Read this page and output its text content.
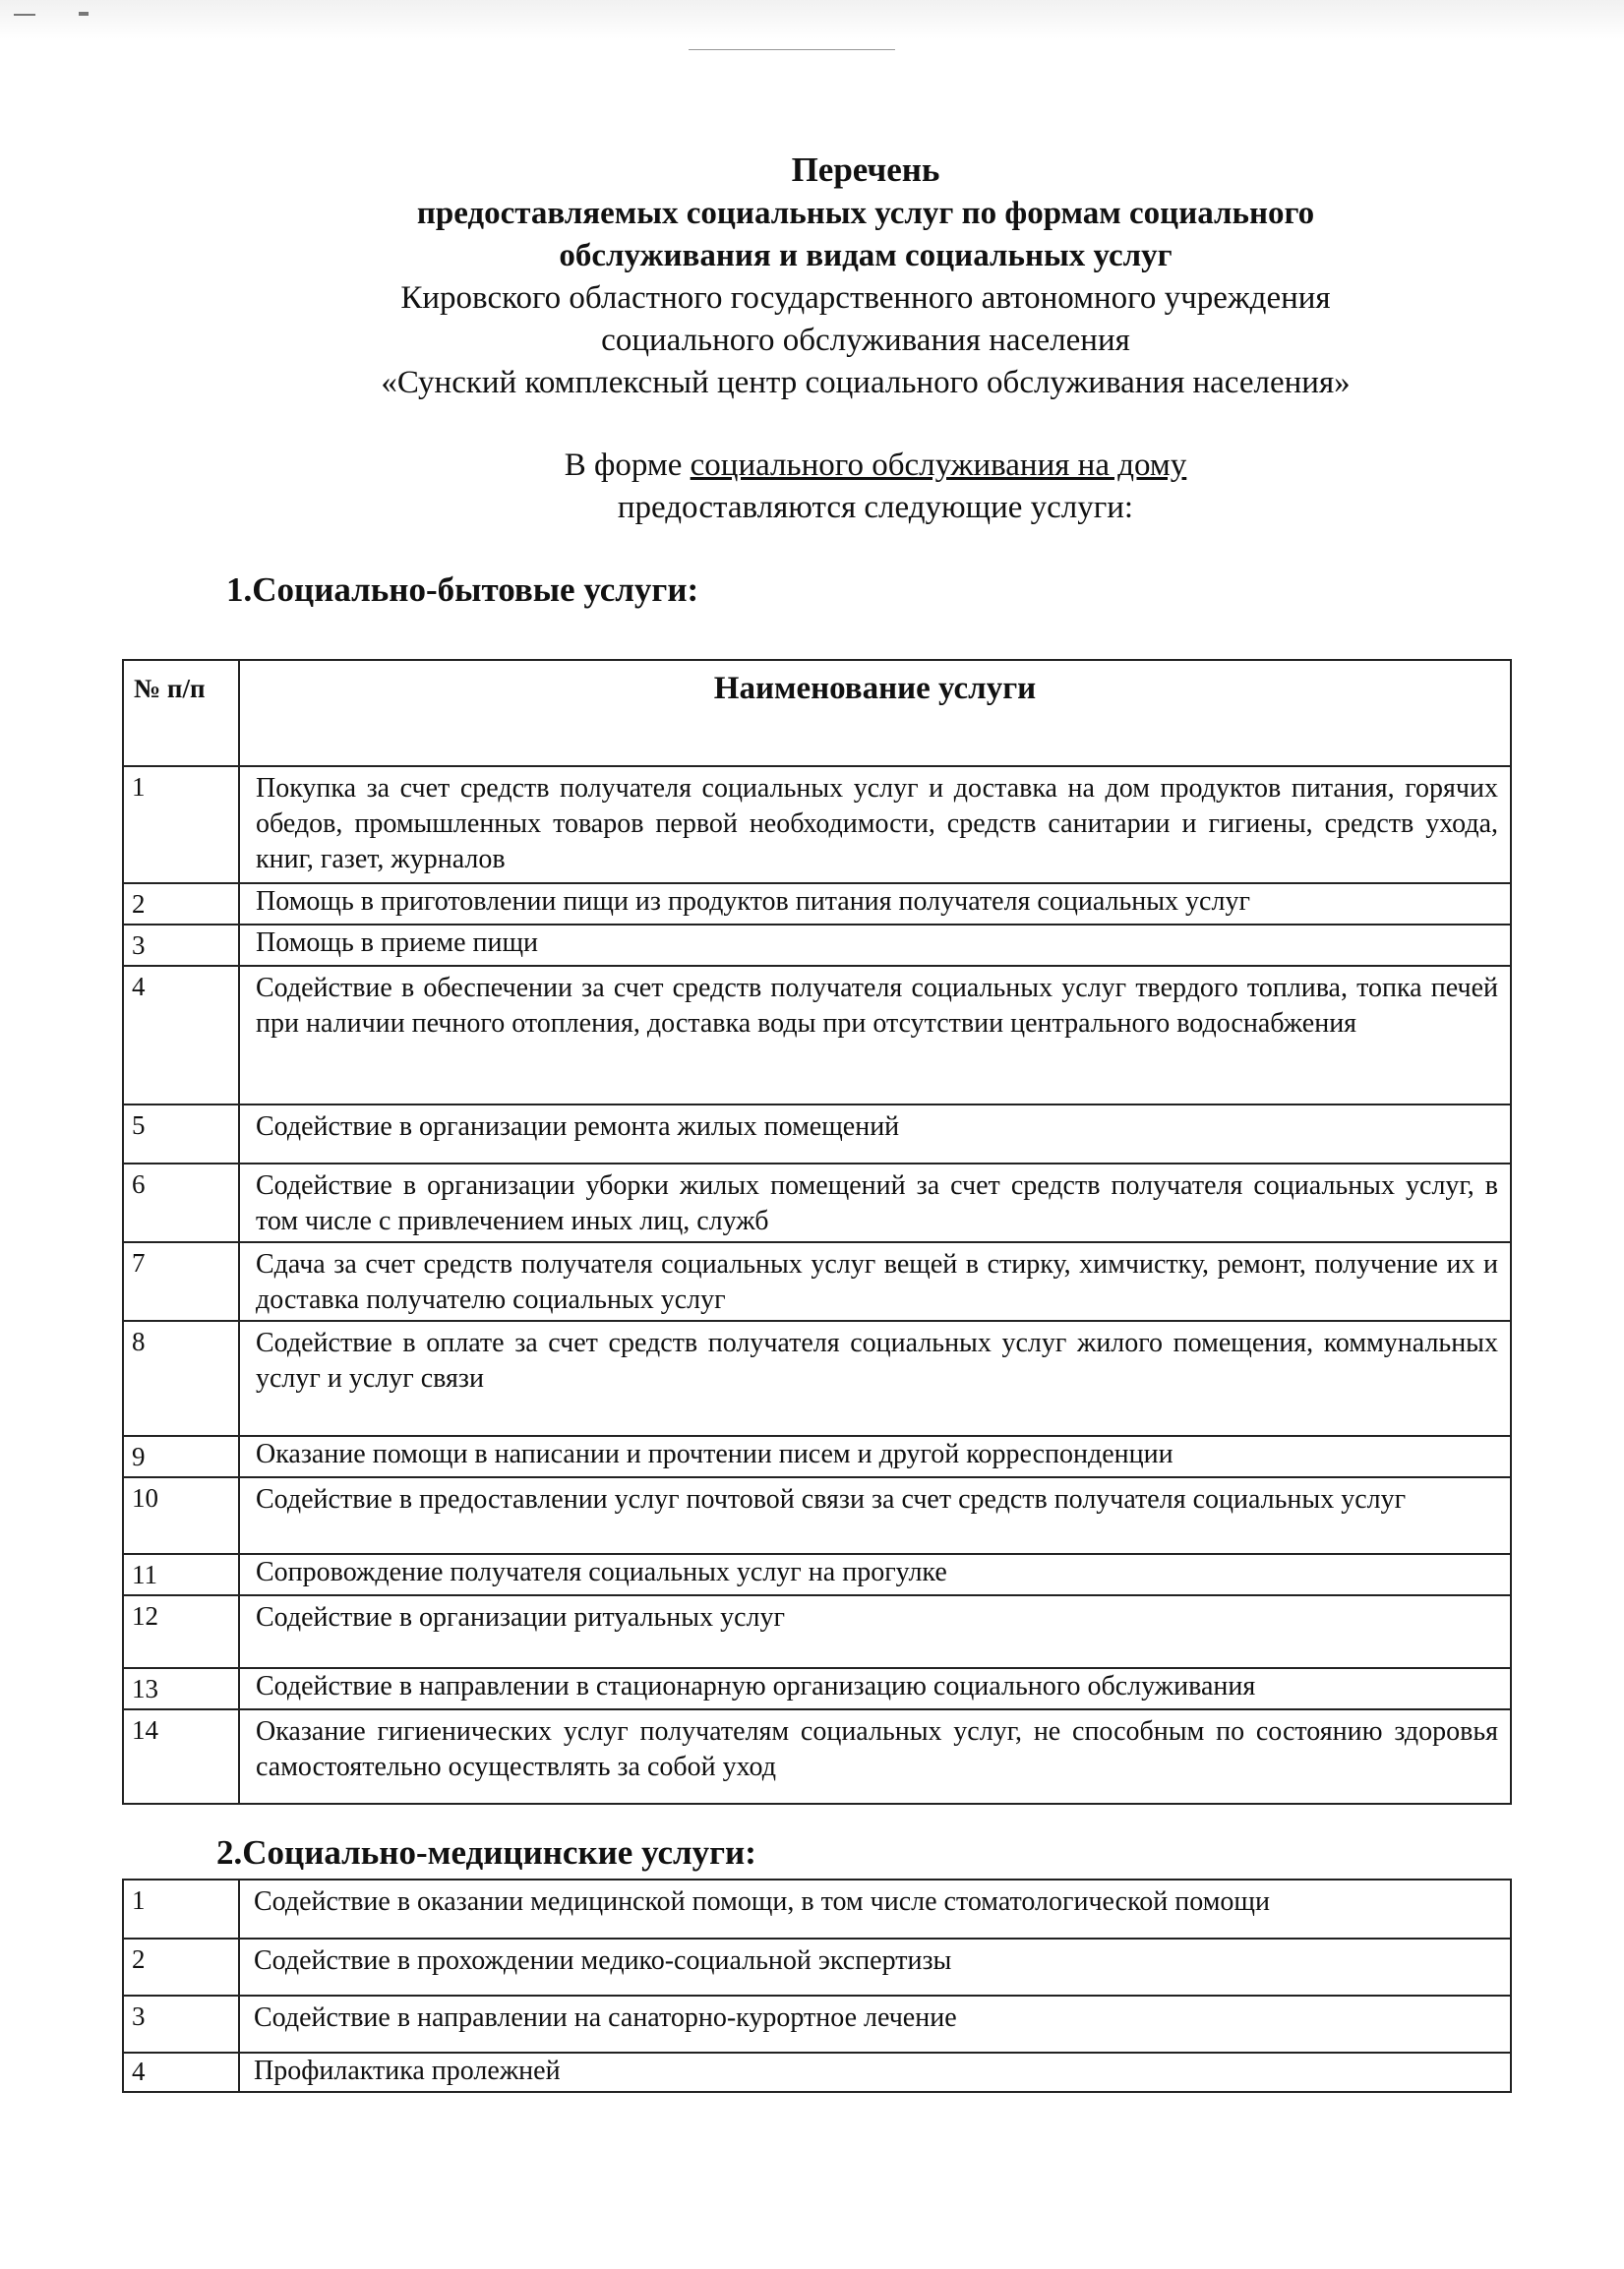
Перечень
предоставляемых социальных услуг по формам социального
обслуживания и видам социальных услуг
Кировского областного государственного автономного учреждения
социального обслуживания населения
«Сунский комплексный центр социального обслуживания населения»
В форме социального обслуживания на дому
предоставляются следующие услуги:
1.Социально-бытовые услуги:
№ п/п	Наименование услуги
1	Покупка за счет средств получателя социальных услуг и доставка на дом продуктов питания, горячих обедов, промышленных товаров первой необходимости, средств санитарии и гигиены, средств ухода, книг, газет, журналов
2	Помощь в приготовлении пищи из продуктов питания получателя социальных услуг
3	Помощь в приеме пищи
4	Содействие в обеспечении за счет средств получателя социальных услуг твердого топлива, топка печей при наличии печного отопления, доставка воды при отсутствии центрального водоснабжения
5	Содействие в организации ремонта жилых помещений
6	Содействие в организации уборки жилых помещений за счет средств получателя социальных услуг, в том числе с привлечением иных лиц, служб
7	Сдача за счет средств получателя социальных услуг вещей в стирку, химчистку, ремонт, получение их и доставка получателю социальных услуг
8	Содействие в оплате за счет средств получателя социальных услуг жилого помещения, коммунальных услуг и услуг связи
9	Оказание помощи в написании и прочтении писем и другой корреспонденции
10	Содействие в предоставлении услуг почтовой связи за счет средств получателя социальных услуг
11	Сопровождение получателя социальных услуг на прогулке
12	Содействие в организации ритуальных услуг
13	Содействие в направлении в стационарную организацию социального обслуживания
14	Оказание гигиенических услуг получателям социальных услуг, не способным по состоянию здоровья самостоятельно осуществлять за собой уход
2.Социально-медицинские услуги:
1	Содействие в оказании медицинской помощи, в том числе стоматологической помощи
2	Содействие в прохождении медико-социальной экспертизы
3	Содействие в направлении на санаторно-курортное лечение
4	Профилактика пролежней
